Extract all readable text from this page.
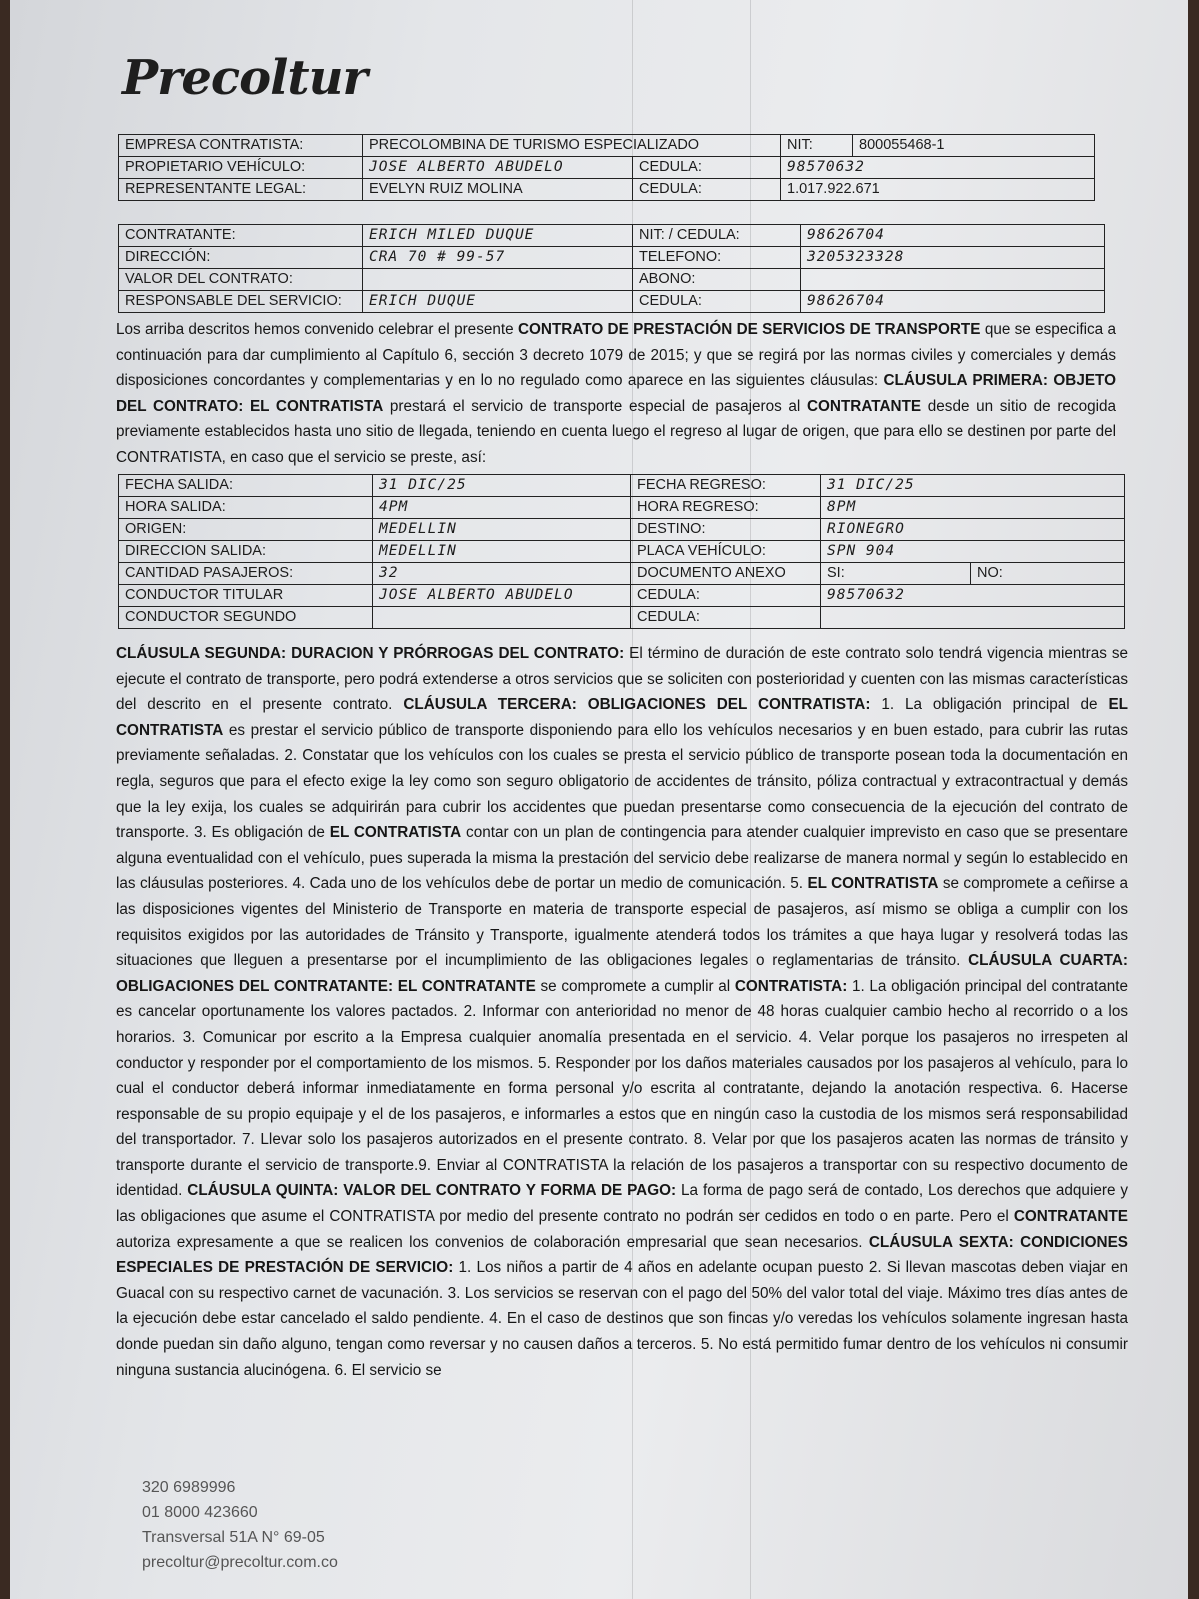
Precoltur
EMPRESA CONTRATISTA:	PRECOLOMBINA DE TURISMO ESPECIALIZADO		NIT:	800055468-1
PROPIETARIO VEHÍCULO:	JOSE ALBERTO ABUDELO	CEDULA:	98570632	
REPRESENTANTE LEGAL:	EVELYN RUIZ MOLINA	CEDULA:	1.017.922.671	
CONTRATANTE:	ERICH MILED DUQUE	NIT: / CEDULA:	98626704
DIRECCIÓN:	CRA 70 # 99-57	TELEFONO:	3205323328
VALOR DEL CONTRATO:		ABONO:	
RESPONSABLE DEL SERVICIO:	ERICH DUQUE	CEDULA:	98626704
Los arriba descritos hemos convenido celebrar el presente CONTRATO DE PRESTACIÓN DE SERVICIOS DE TRANSPORTE que se especifica a continuación para dar cumplimiento al Capítulo 6, sección 3 decreto 1079 de 2015; y que se regirá por las normas civiles y comerciales y demás disposiciones concordantes y complementarias y en lo no regulado como aparece en las siguientes cláusulas: CLÁUSULA PRIMERA: OBJETO DEL CONTRATO: EL CONTRATISTA prestará el servicio de transporte especial de pasajeros al CONTRATANTE desde un sitio de recogida previamente establecidos hasta uno sitio de llegada, teniendo en cuenta luego el regreso al lugar de origen, que para ello se destinen por parte del CONTRATISTA, en caso que el servicio se preste, así:
FECHA SALIDA:	31 DIC/25	FECHA REGRESO:	31 DIC/25	
HORA SALIDA:	4PM	HORA REGRESO:	8PM	
ORIGEN:	MEDELLIN	DESTINO:	RIONEGRO	
DIRECCION SALIDA:	MEDELLIN	PLACA VEHÍCULO:	SPN 904	
CANTIDAD PASAJEROS:	32	DOCUMENTO ANEXO	SI:	NO:
CONDUCTOR TITULAR	JOSE ALBERTO ABUDELO	CEDULA:	98570632	
CONDUCTOR SEGUNDO		CEDULA:		
CLÁUSULA SEGUNDA: DURACION Y PRÓRROGAS DEL CONTRATO: El término de duración de este contrato solo tendrá vigencia mientras se ejecute el contrato de transporte, pero podrá extenderse a otros servicios que se soliciten con posterioridad y cuenten con las mismas características del descrito en el presente contrato. CLÁUSULA TERCERA: OBLIGACIONES DEL CONTRATISTA: 1. La obligación principal de EL CONTRATISTA es prestar el servicio público de transporte disponiendo para ello los vehículos necesarios y en buen estado, para cubrir las rutas previamente señaladas. 2. Constatar que los vehículos con los cuales se presta el servicio público de transporte posean toda la documentación en regla, seguros que para el efecto exige la ley como son seguro obligatorio de accidentes de tránsito, póliza contractual y extracontractual y demás que la ley exija, los cuales se adquirirán para cubrir los accidentes que puedan presentarse como consecuencia de la ejecución del contrato de transporte. 3. Es obligación de EL CONTRATISTA contar con un plan de contingencia para atender cualquier imprevisto en caso que se presentare alguna eventualidad con el vehículo, pues superada la misma la prestación del servicio debe realizarse de manera normal y según lo establecido en las cláusulas posteriores. 4. Cada uno de los vehículos debe de portar un medio de comunicación. 5. EL CONTRATISTA se compromete a ceñirse a las disposiciones vigentes del Ministerio de Transporte en materia de transporte especial de pasajeros, así mismo se obliga a cumplir con los requisitos exigidos por las autoridades de Tránsito y Transporte, igualmente atenderá todos los trámites a que haya lugar y resolverá todas las situaciones que lleguen a presentarse por el incumplimiento de las obligaciones legales o reglamentarias de tránsito. CLÁUSULA CUARTA: OBLIGACIONES DEL CONTRATANTE: EL CONTRATANTE se compromete a cumplir al CONTRATISTA: 1. La obligación principal del contratante es cancelar oportunamente los valores pactados. 2. Informar con anterioridad no menor de 48 horas cualquier cambio hecho al recorrido o a los horarios. 3. Comunicar por escrito a la Empresa cualquier anomalía presentada en el servicio. 4. Velar porque los pasajeros no irrespeten al conductor y responder por el comportamiento de los mismos. 5. Responder por los daños materiales causados por los pasajeros al vehículo, para lo cual el conductor deberá informar inmediatamente en forma personal y/o escrita al contratante, dejando la anotación respectiva. 6. Hacerse responsable de su propio equipaje y el de los pasajeros, e informarles a estos que en ningún caso la custodia de los mismos será responsabilidad del transportador. 7. Llevar solo los pasajeros autorizados en el presente contrato. 8. Velar por que los pasajeros acaten las normas de tránsito y transporte durante el servicio de transporte.9. Enviar al CONTRATISTA la relación de los pasajeros a transportar con su respectivo documento de identidad. CLÁUSULA QUINTA: VALOR DEL CONTRATO Y FORMA DE PAGO: La forma de pago será de contado, Los derechos que adquiere y las obligaciones que asume el CONTRATISTA por medio del presente contrato no podrán ser cedidos en todo o en parte. Pero el CONTRATANTE autoriza expresamente a que se realicen los convenios de colaboración empresarial que sean necesarios. CLÁUSULA SEXTA: CONDICIONES ESPECIALES DE PRESTACIÓN DE SERVICIO: 1. Los niños a partir de 4 años en adelante ocupan puesto 2. Si llevan mascotas deben viajar en Guacal con su respectivo carnet de vacunación. 3. Los servicios se reservan con el pago del 50% del valor total del viaje. Máximo tres días antes de la ejecución debe estar cancelado el saldo pendiente. 4. En el caso de destinos que son fincas y/o veredas los vehículos solamente ingresan hasta donde puedan sin daño alguno, tengan como reversar y no causen daños a terceros. 5. No está permitido fumar dentro de los vehículos ni consumir ninguna sustancia alucinógena. 6. El servicio se
320 6989996
01 8000 423660
Transversal 51A N° 69-05
precoltur@precoltur.com.co
